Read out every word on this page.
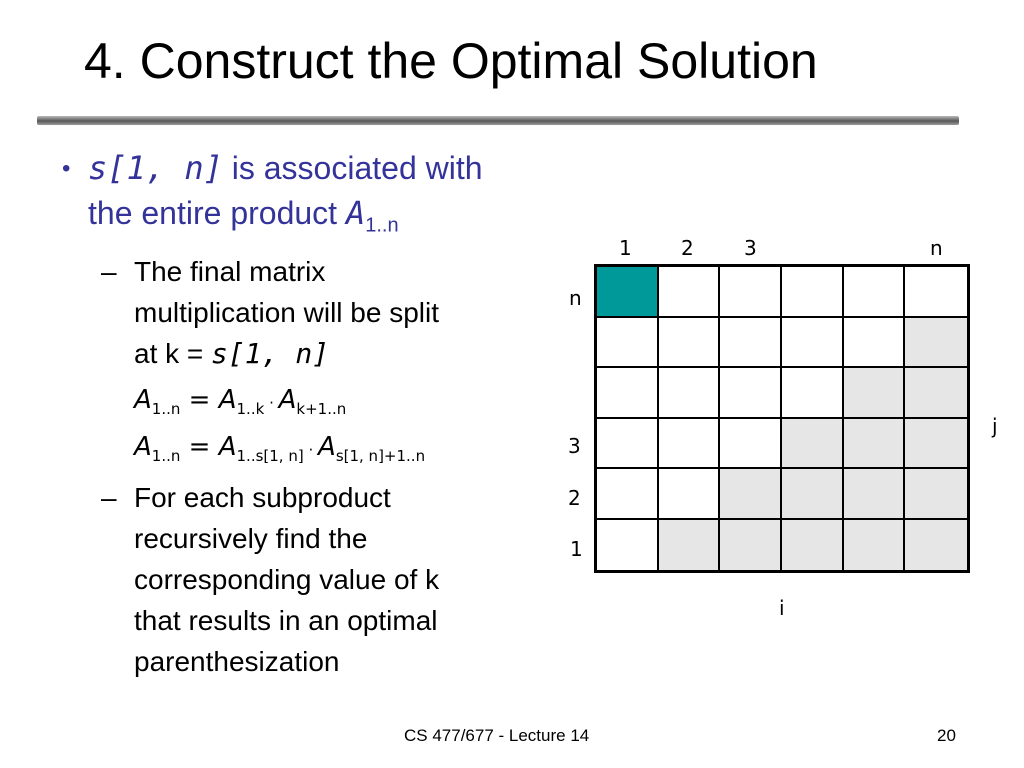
4. Construct the Optimal Solution
• s[1, n] is associated with
the entire product $A_{1..n}$
– The final matrix
multiplication will be split
at k = s[1, n]
$A_{1..n} = A_{1..k} \cdot A_{k+1..n}$
$A_{1..n} = A_{1..s[1, n]} \cdot A_{s[1, n]+1..n}$
– For each subproduct
recursively find the
corresponding value of k
that results in an optimal
parenthesization
1 2	3	n
n
3
2
1
j
i
CS 477/677 - Lecture 14	20
